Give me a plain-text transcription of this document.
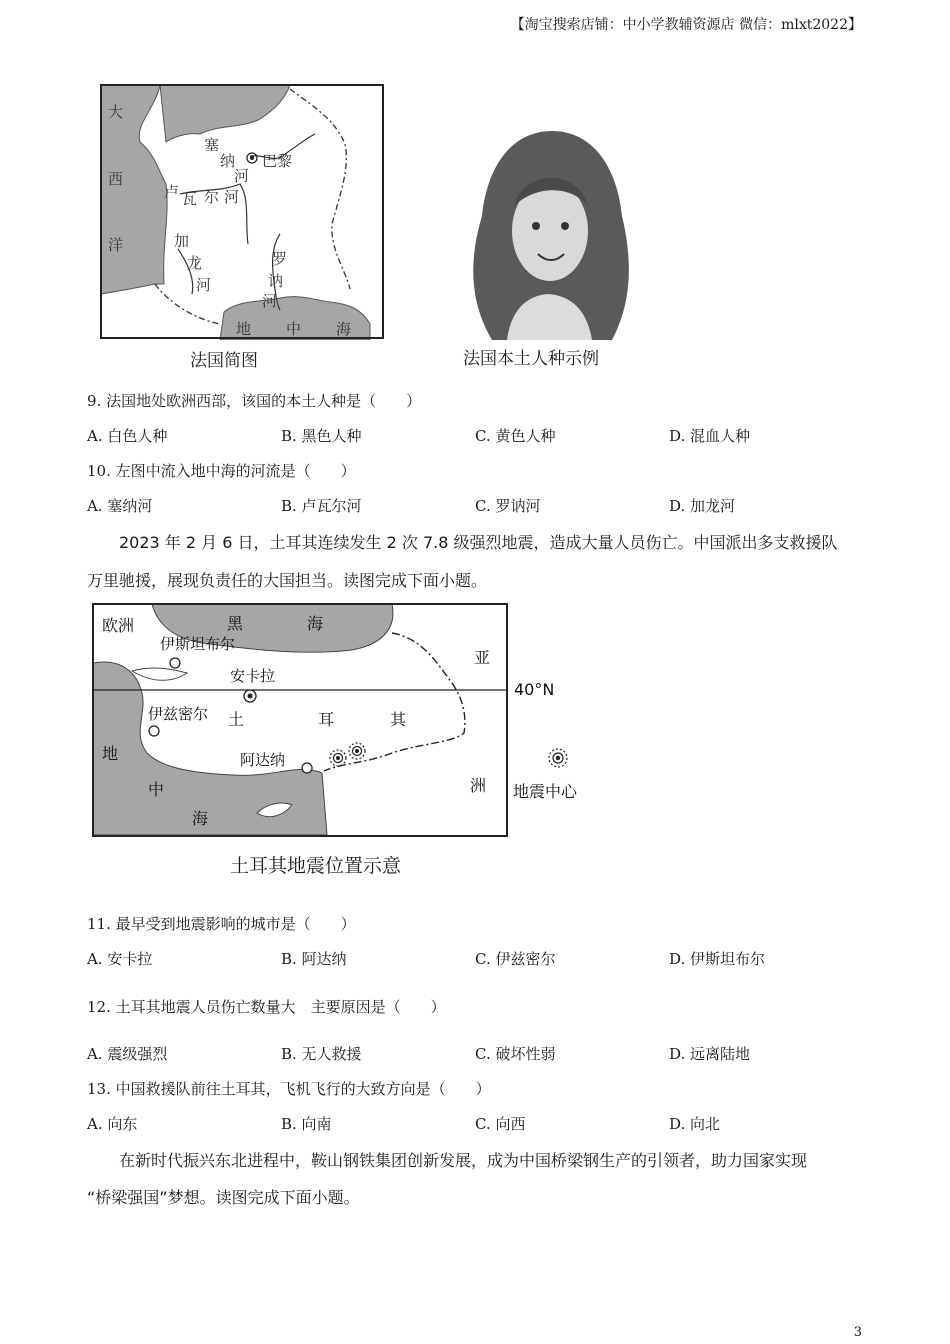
【淘宝搜索店铺：中小学教辅资源店 微信：mlxt2022】
大
西
洋
塞
纳
河
巴黎
卢 瓦 尔 河
加
龙
河
罗
讷
河
地 中 海
法国简图	法国本土人种示例
9. 法国地处欧洲西部，该国的本土人种是（　　）
A. 白色人种	B. 黑色人种	C. 黄色人种	D. 混血人种
10. 左图中流入地中海的河流是（　　）
A. 塞纳河	B. 卢瓦尔河	C. 罗讷河	D. 加龙河
2023 年 2 月 6 日，土耳其连续发生 2 次 7.8 级强烈地震，造成大量人员伤亡。中国派出多支救援队
万里驰援，展现负责任的大国担当。读图完成下面小题。
欧洲	黑	海
伊斯坦布尔
安卡拉
伊兹密尔 土	耳	其
阿达纳
地
中
海
亚
洲
40°N
地震中心
土耳其地震位置示意
11. 最早受到地震影响的城市是（　　）
A. 安卡拉	B. 阿达纳	C. 伊兹密尔	D. 伊斯坦布尔
12. 土耳其地震人员伤亡数量大　主要原因是（　　）
A. 震级强烈	B. 无人救援	C. 破坏性弱	D. 远离陆地
13. 中国救援队前往土耳其，飞机飞行的大致方向是（　　）
A. 向东	B. 向南	C. 向西	D. 向北
在新时代振兴东北进程中，鞍山钢铁集团创新发展，成为中国桥梁钢生产的引领者，助力国家实现
“桥梁强国”梦想。读图完成下面小题。
3
